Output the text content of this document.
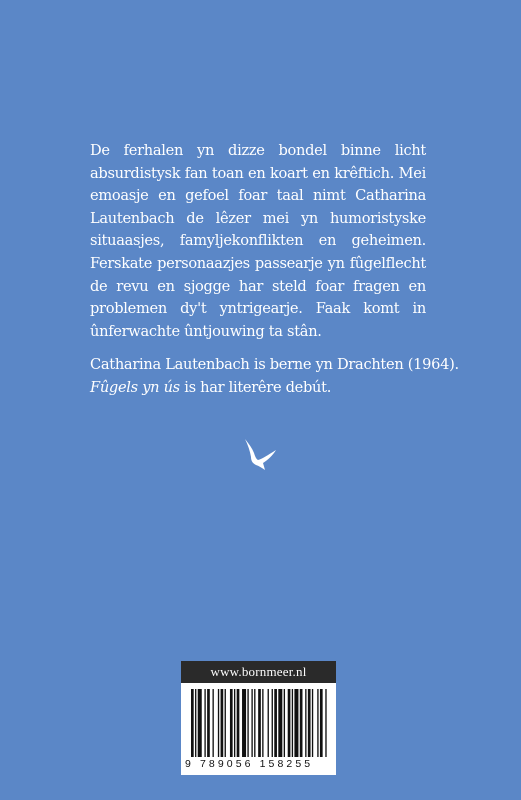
De ferhalen yn dizze bondel binne licht absurdistysk fan toan en koart en krêftich. Mei emoasje en gefoel foar taal nimt Catharina Lautenbach de lêzer mei yn humoristyske situaasjes, famyljekonflikten en geheimen. Ferskate personaazjes passearje yn fûgelflecht de revu en sjogge har steld foar fragen en problemen dy't yntrigearje. Faak komt in ûnferwachte ûntjouwing ta stân.

Catharina Lautenbach is berne yn Drachten (1964).
Fûgels yn ús is har literêre debút.

www.bornmeer.nl
9 789056 158255
